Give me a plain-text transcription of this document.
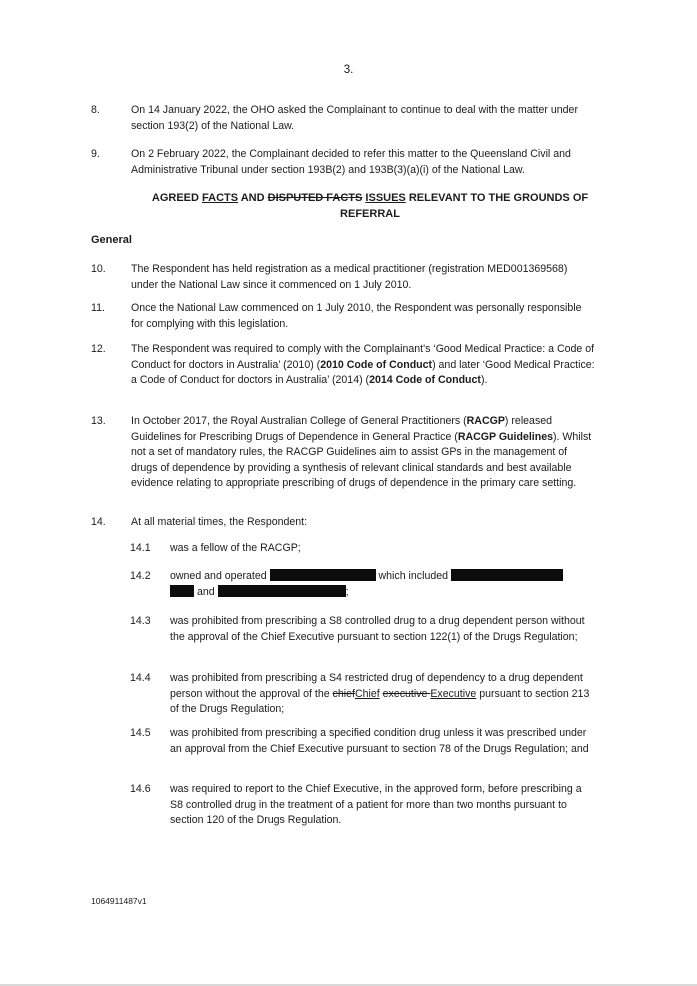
3.
8.	On 14 January 2022, the OHO asked the Complainant to continue to deal with the matter under section 193(2) of the National Law.
9.	On 2 February 2022, the Complainant decided to refer this matter to the Queensland Civil and Administrative Tribunal under section 193B(2) and 193B(3)(a)(i) of the National Law.
AGREED FACTS AND DISPUTED FACTS ISSUES RELEVANT TO THE GROUNDS OF REFERRAL
General
10. The Respondent has held registration as a medical practitioner (registration MED001369568) under the National Law since it commenced on 1 July 2010.
11. Once the National Law commenced on 1 July 2010, the Respondent was personally responsible for complying with this legislation.
12. The Respondent was required to comply with the Complainant's ‘Good Medical Practice: a Code of Conduct for doctors in Australia’ (2010) (2010 Code of Conduct) and later ‘Good Medical Practice: a Code of Conduct for doctors in Australia’ (2014) (2014 Code of Conduct).
13. In October 2017, the Royal Australian College of General Practitioners (RACGP) released Guidelines for Prescribing Drugs of Dependence in General Practice (RACGP Guidelines). Whilst not a set of mandatory rules, the RACGP Guidelines aim to assist GPs in the management of drugs of dependence by providing a synthesis of relevant clinical standards and best available evidence relating to appropriate prescribing of drugs of dependence in the primary care setting.
14. At all material times, the Respondent:
14.1 was a fellow of the RACGP;
14.2 owned and operated	which included
and	;
14.3 was prohibited from prescribing a S8 controlled drug to a drug dependent person without the approval of the Chief Executive pursuant to section 122(1) of the Drugs Regulation;
14.4 was prohibited from prescribing a S4 restricted drug of dependency to a drug dependent person without the approval of the chiefChief executive Executive pursuant to section 213 of the Drugs Regulation;
14.5 was prohibited from prescribing a specified condition drug unless it was prescribed under an approval from the Chief Executive pursuant to section 78 of the Drugs Regulation; and
14.6 was required to report to the Chief Executive, in the approved form, before prescribing a S8 controlled drug in the treatment of a patient for more than two months pursuant to section 120 of the Drugs Regulation.
1064911487v1
